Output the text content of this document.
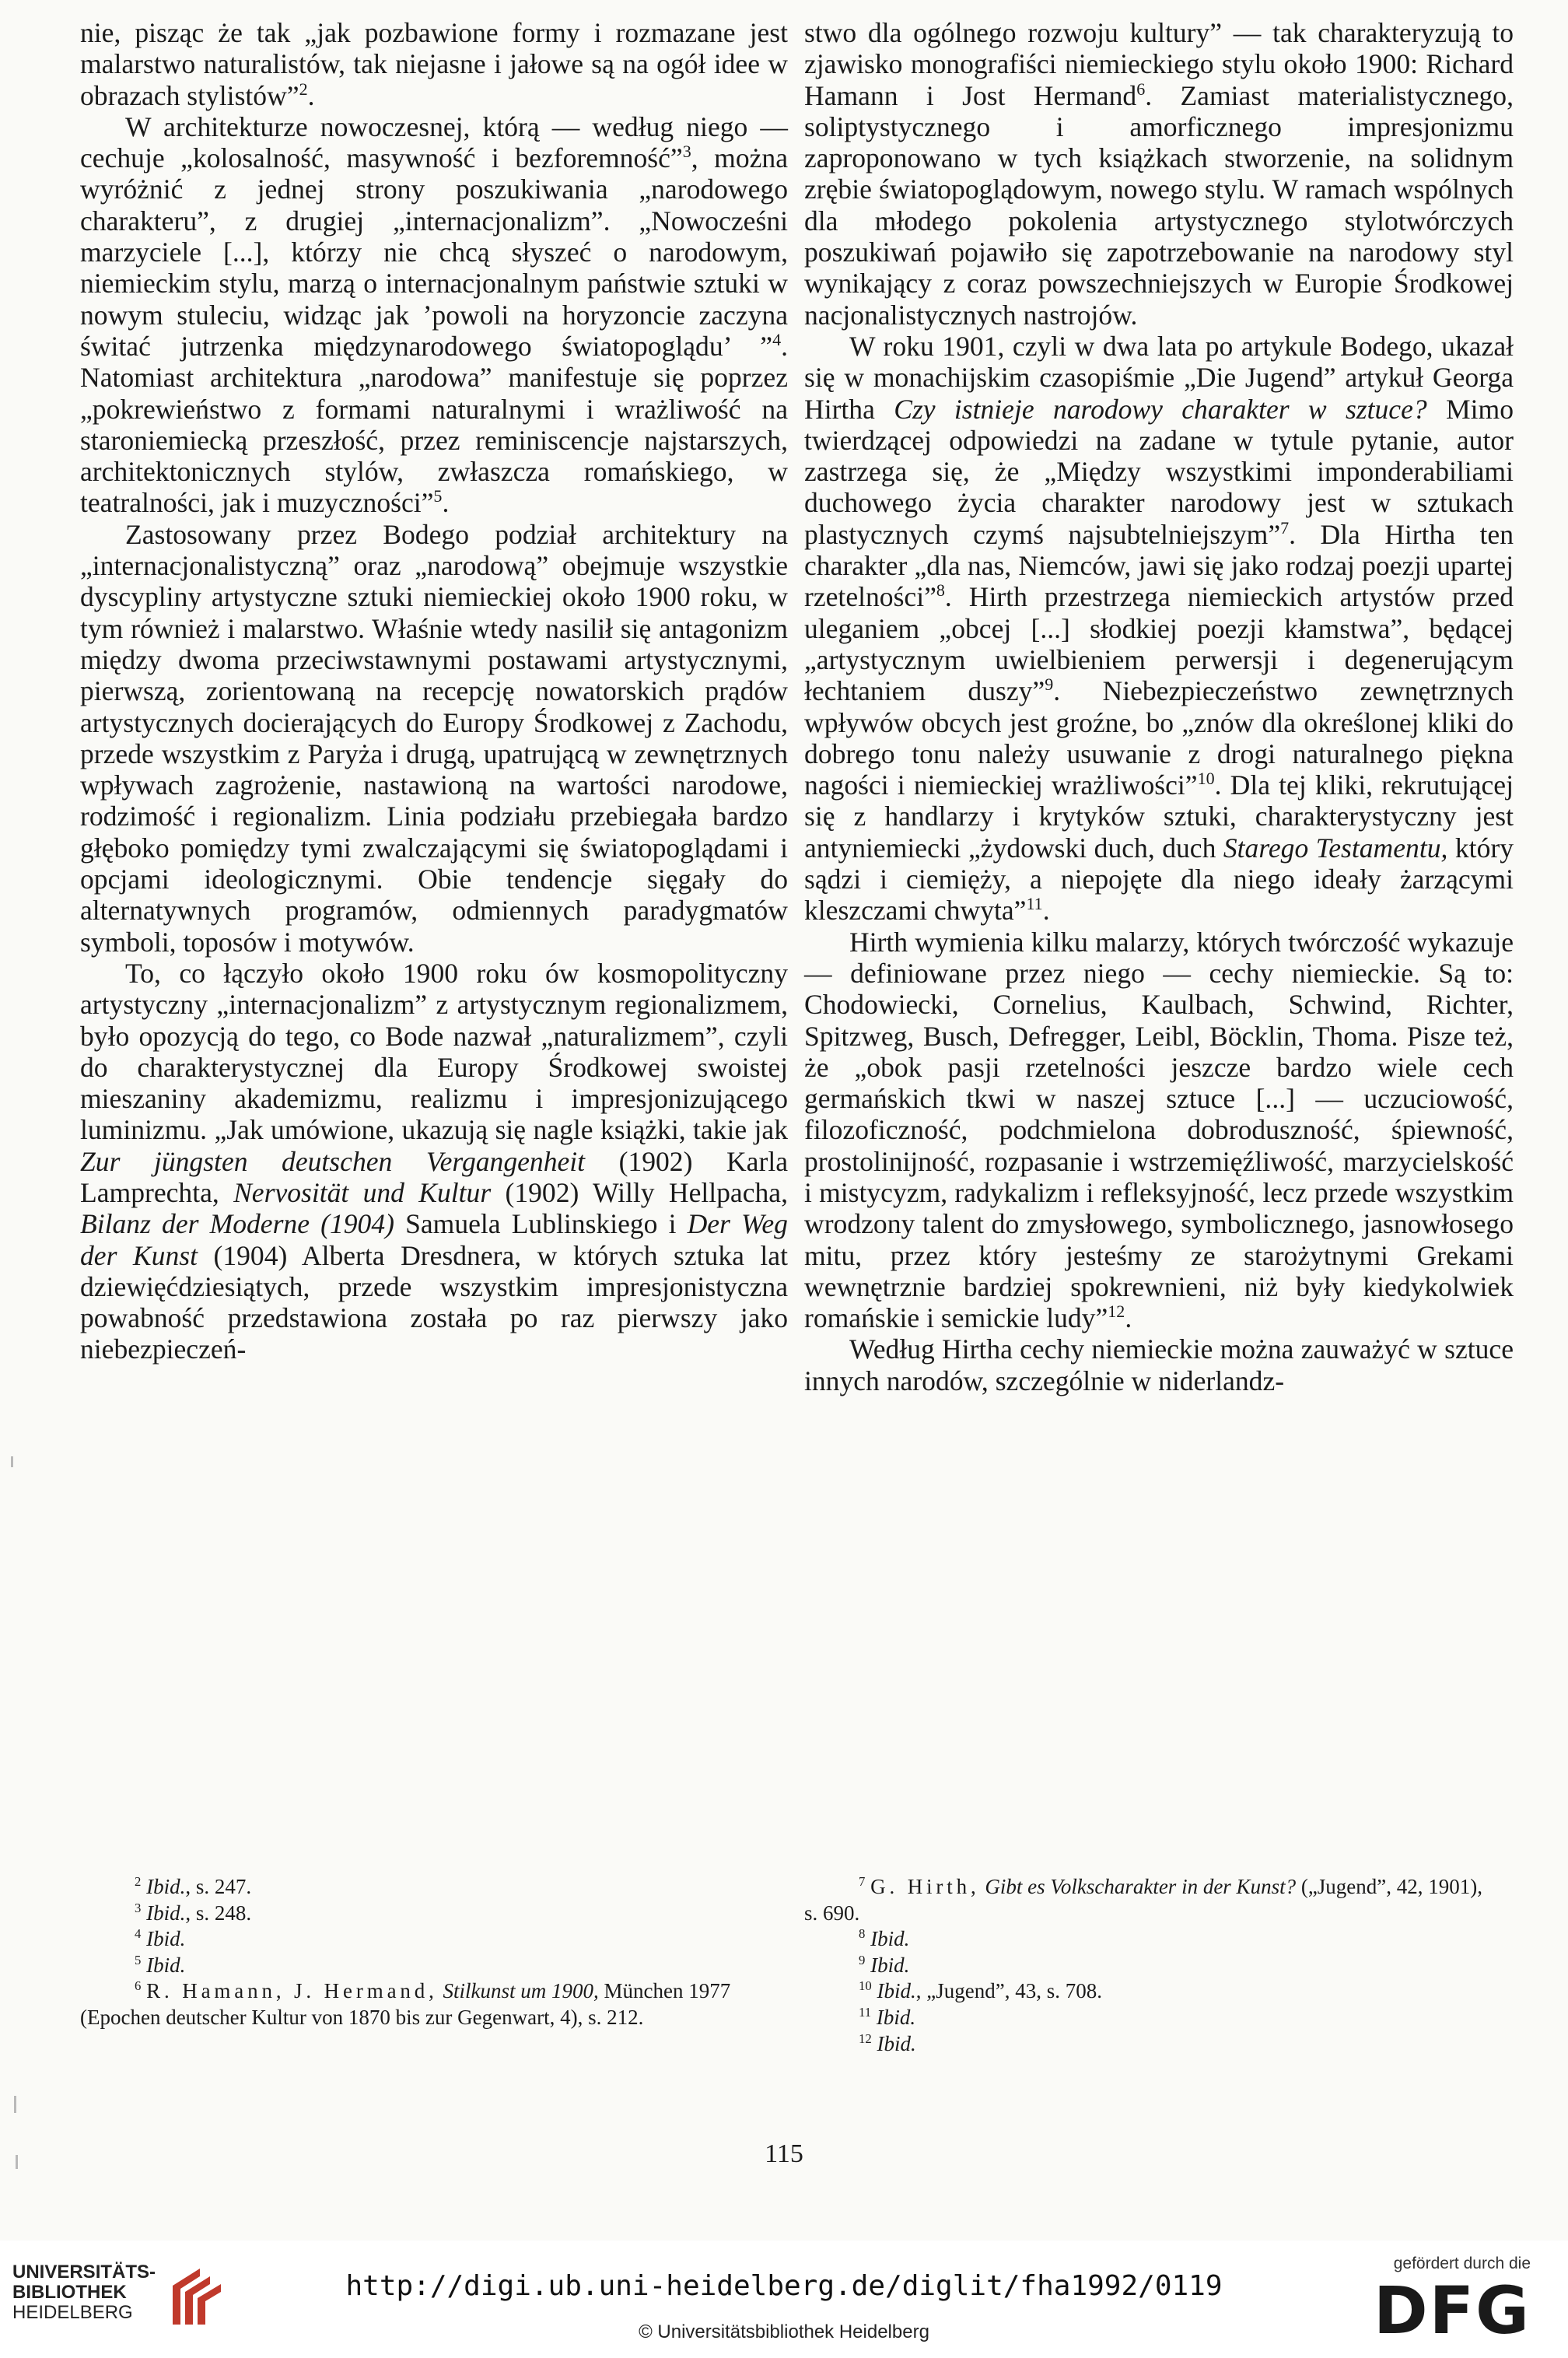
nie, pisząc że tak „jak pozbawione formy i rozmazane jest malarstwo naturalistów, tak niejasne i jałowe są na ogół idee w obrazach stylistów”$^2$.

W architekturze nowoczesnej, którą — według niego — cechuje „kolosalność, masywność i bezforemność”$^3$, można wyróżnić z jednej strony poszukiwania „narodowego charakteru”, z drugiej „internacjonalizm”. „Nowocześni marzyciele [...], którzy nie chcą słyszeć o narodowym, niemieckim stylu, marzą o internacjonalnym państwie sztuki w nowym stuleciu, widząc jak ’powoli na horyzoncie zaczyna świtać jutrzenka międzynarodowego światopoglądu’ ”$^4$. Natomiast architektura „narodowa” manifestuje się poprzez „pokrewieństwo z formami naturalnymi i wrażliwość na staroniemiecką przeszłość, przez reminiscencje najstarszych, architektonicznych stylów, zwłaszcza romańskiego, w teatralności, jak i muzyczności”$^5$.

Zastosowany przez Bodego podział architektury na „internacjonalistyczną” oraz „narodową” obejmuje wszystkie dyscypliny artystyczne sztuki niemieckiej około 1900 roku, w tym również i malarstwo. Właśnie wtedy nasilił się antagonizm między dwoma przeciwstawnymi postawami artystycznymi, pierwszą, zorientowaną na recepcję nowatorskich prądów artystycznych docierających do Europy Środkowej z Zachodu, przede wszystkim z Paryża i drugą, upatrującą w zewnętrznych wpływach zagrożenie, nastawioną na wartości narodowe, rodzimość i regionalizm. Linia podziału przebiegała bardzo głęboko pomiędzy tymi zwalczającymi się światopoglądami i opcjami ideologicznymi. Obie tendencje sięgały do alternatywnych programów, odmiennych paradygmatów symboli, toposów i motywów.

To, co łączyło około 1900 roku ów kosmopolityczny artystyczny „internacjonalizm” z artystycznym regionalizmem, było opozycją do tego, co Bode nazwał „naturalizmem”, czyli do charakterystycznej dla Europy Środkowej swoistej mieszaniny akademizmu, realizmu i impresjonizującego luminizmu. „Jak umówione, ukazują się nagle książki, takie jak Zur jüngsten deutschen Vergangenheit (1902) Karla Lamprechta, Nervosität und Kultur (1902) Willy Hellpacha, Bilanz der Moderne (1904) Samuela Lublinskiego i Der Weg der Kunst (1904) Alberta Dresdnera, w których sztuka lat dziewięćdziesiątych, przede wszystkim impresjonistyczna powabność przedstawiona została po raz pierwszy jako niebezpieczeń-

stwo dla ogólnego rozwoju kultury” — tak charakteryzują to zjawisko monografiści niemieckiego stylu około 1900: Richard Hamann i Jost Hermand$^6$. Zamiast materialistycznego, soliptystycznego i amorficznego impresjonizmu zaproponowano w tych książkach stworzenie, na solidnym zrębie światopoglądowym, nowego stylu. W ramach wspólnych dla młodego pokolenia artystycznego stylotwórczych poszukiwań pojawiło się zapotrzebowanie na narodowy styl wynikający z coraz powszechniejszych w Europie Środkowej nacjonalistycznych nastrojów.

W roku 1901, czyli w dwa lata po artykule Bodego, ukazał się w monachijskim czasopiśmie „Die Jugend” artykuł Georga Hirtha Czy istnieje narodowy charakter w sztuce? Mimo twierdzącej odpowiedzi na zadane w tytule pytanie, autor zastrzega się, że „Między wszystkimi imponderabiliami duchowego życia charakter narodowy jest w sztukach plastycznych czymś najsubtelniejszym”$^7$. Dla Hirtha ten charakter „dla nas, Niemców, jawi się jako rodzaj poezji upartej rzetelności”$^8$. Hirth przestrzega niemieckich artystów przed uleganiem „obcej [...] słodkiej poezji kłamstwa”, będącej „artystycznym uwielbieniem perwersji i degenerującym łechtaniem duszy”$^9$. Niebezpieczeństwo zewnętrznych wpływów obcych jest groźne, bo „znów dla określonej kliki do dobrego tonu należy usuwanie z drogi naturalnego piękna nagości i niemieckiej wrażliwości”$^{10}$. Dla tej kliki, rekrutującej się z handlarzy i krytyków sztuki, charakterystyczny jest antyniemiecki „żydowski duch, duch Starego Testamentu, który sądzi i ciemięży, a niepojęte dla niego ideały żarzącymi kleszczami chwyta”$^{11}$.

Hirth wymienia kilku malarzy, których twórczość wykazuje — definiowane przez niego — cechy niemieckie. Są to: Chodowiecki, Cornelius, Kaulbach, Schwind, Richter, Spitzweg, Busch, Defregger, Leibl, Böcklin, Thoma. Pisze też, że „obok pasji rzetelności jeszcze bardzo wiele cech germańskich tkwi w naszej sztuce [...] — uczuciowość, filozoficzność, podchmielona dobroduszność, śpiewność, prostolinijność, rozpasanie i wstrzemięźliwość, marzycielskość i mistycyzm, radykalizm i refleksyjność, lecz przede wszystkim wrodzony talent do zmysłowego, symbolicznego, jasnowłosego mitu, przez który jesteśmy ze starożytnymi Grekami wewnętrznie bardziej spokrewnieni, niż były kiedykolwiek romańskie i semickie ludy”$^{12}$.

Według Hirtha cechy niemieckie można zauważyć w sztuce innych narodów, szczególnie w niderlandz-

$^2$ Ibid., s. 247.

$^3$ Ibid., s. 248.

$^4$ Ibid.

$^5$ Ibid.

$^6$ R. Hamann, J. Hermand, Stilkunst um 1900, München 1977 (Epochen deutscher Kultur von 1870 bis zur Gegenwart, 4), s. 212.

$^7$ G. Hirth, Gibt es Volkscharakter in der Kunst? („Jugend”, 42, 1901), s. 690.

$^8$ Ibid.

$^9$ Ibid.

$^{10}$ Ibid., „Jugend”, 43, s. 708.

$^{11}$ Ibid.

$^{12}$ Ibid.

115
UNIVERSITÄTS-
BIBLIOTHEK
HEIDELBERG
http://digi.ub.uni-heidelberg.de/diglit/fha1992/0119
© Universitätsbibliothek Heidelberg
gefördert durch die
DFG
